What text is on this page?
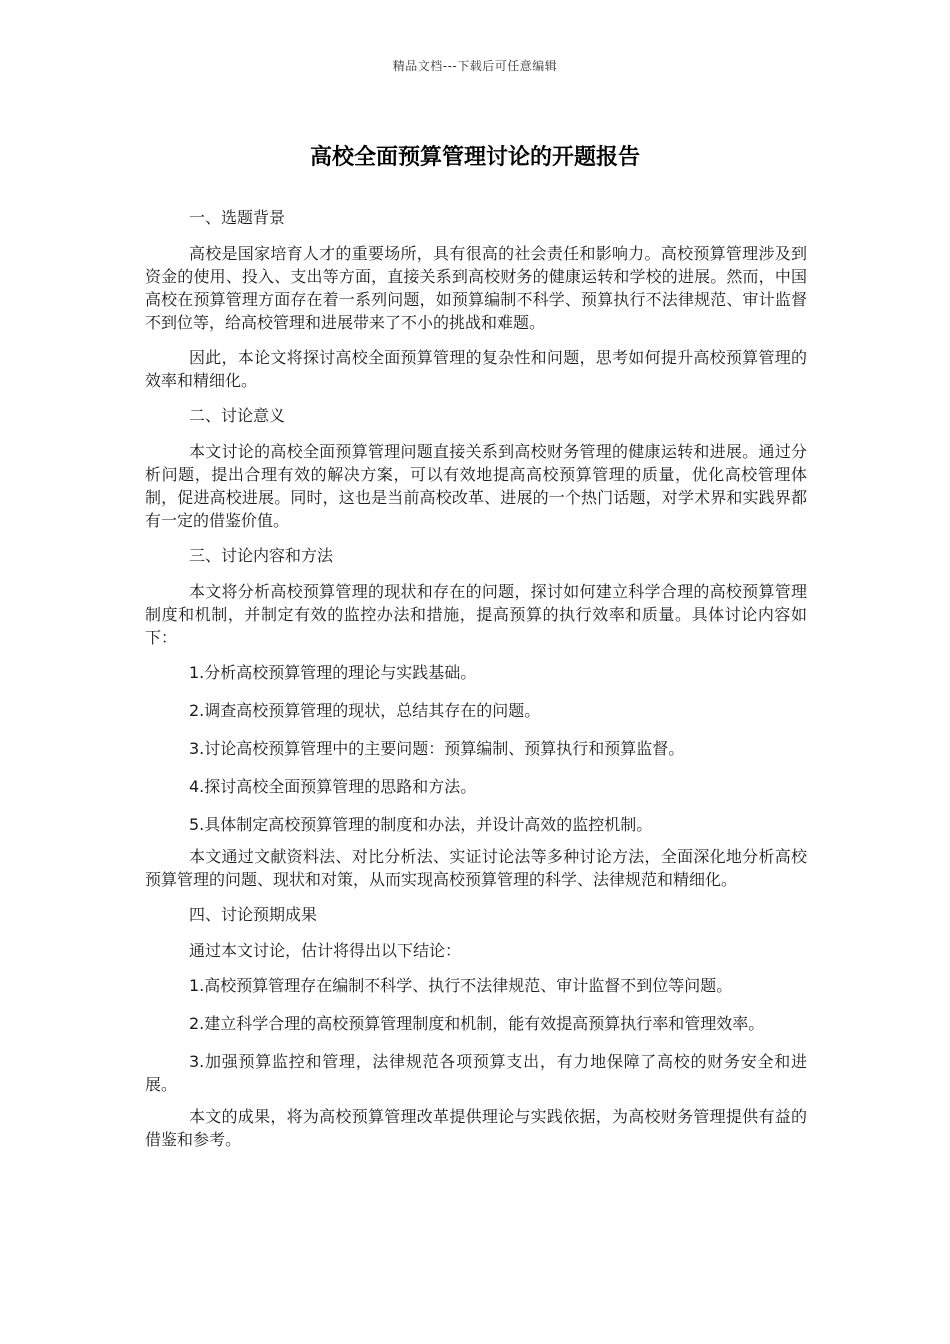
精品文档---下载后可任意编辑
高校全面预算管理讨论的开题报告

一、选题背景

高校是国家培育人才的重要场所，具有很高的社会责任和影响力。高校预算管理涉及到资金的使用、投入、支出等方面，直接关系到高校财务的健康运转和学校的进展。然而，中国高校在预算管理方面存在着一系列问题，如预算编制不科学、预算执行不法律规范、审计监督不到位等，给高校管理和进展带来了不小的挑战和难题。

因此，本论文将探讨高校全面预算管理的复杂性和问题，思考如何提升高校预算管理的效率和精细化。

二、讨论意义

本文讨论的高校全面预算管理问题直接关系到高校财务管理的健康运转和进展。通过分析问题，提出合理有效的解决方案，可以有效地提高高校预算管理的质量，优化高校管理体制，促进高校进展。同时，这也是当前高校改革、进展的一个热门话题，对学术界和实践界都有一定的借鉴价值。

三、讨论内容和方法

本文将分析高校预算管理的现状和存在的问题，探讨如何建立科学合理的高校预算管理制度和机制，并制定有效的监控办法和措施，提高预算的执行效率和质量。具体讨论内容如下：

1.分析高校预算管理的理论与实践基础。

2.调查高校预算管理的现状，总结其存在的问题。

3.讨论高校预算管理中的主要问题：预算编制、预算执行和预算监督。

4.探讨高校全面预算管理的思路和方法。

5.具体制定高校预算管理的制度和办法，并设计高效的监控机制。

本文通过文献资料法、对比分析法、实证讨论法等多种讨论方法，全面深化地分析高校预算管理的问题、现状和对策，从而实现高校预算管理的科学、法律规范和精细化。

四、讨论预期成果

通过本文讨论，估计将得出以下结论：

1.高校预算管理存在编制不科学、执行不法律规范、审计监督不到位等问题。

2.建立科学合理的高校预算管理制度和机制，能有效提高预算执行率和管理效率。

3.加强预算监控和管理，法律规范各项预算支出，有力地保障了高校的财务安全和进展。

本文的成果，将为高校预算管理改革提供理论与实践依据，为高校财务管理提供有益的借鉴和参考。
